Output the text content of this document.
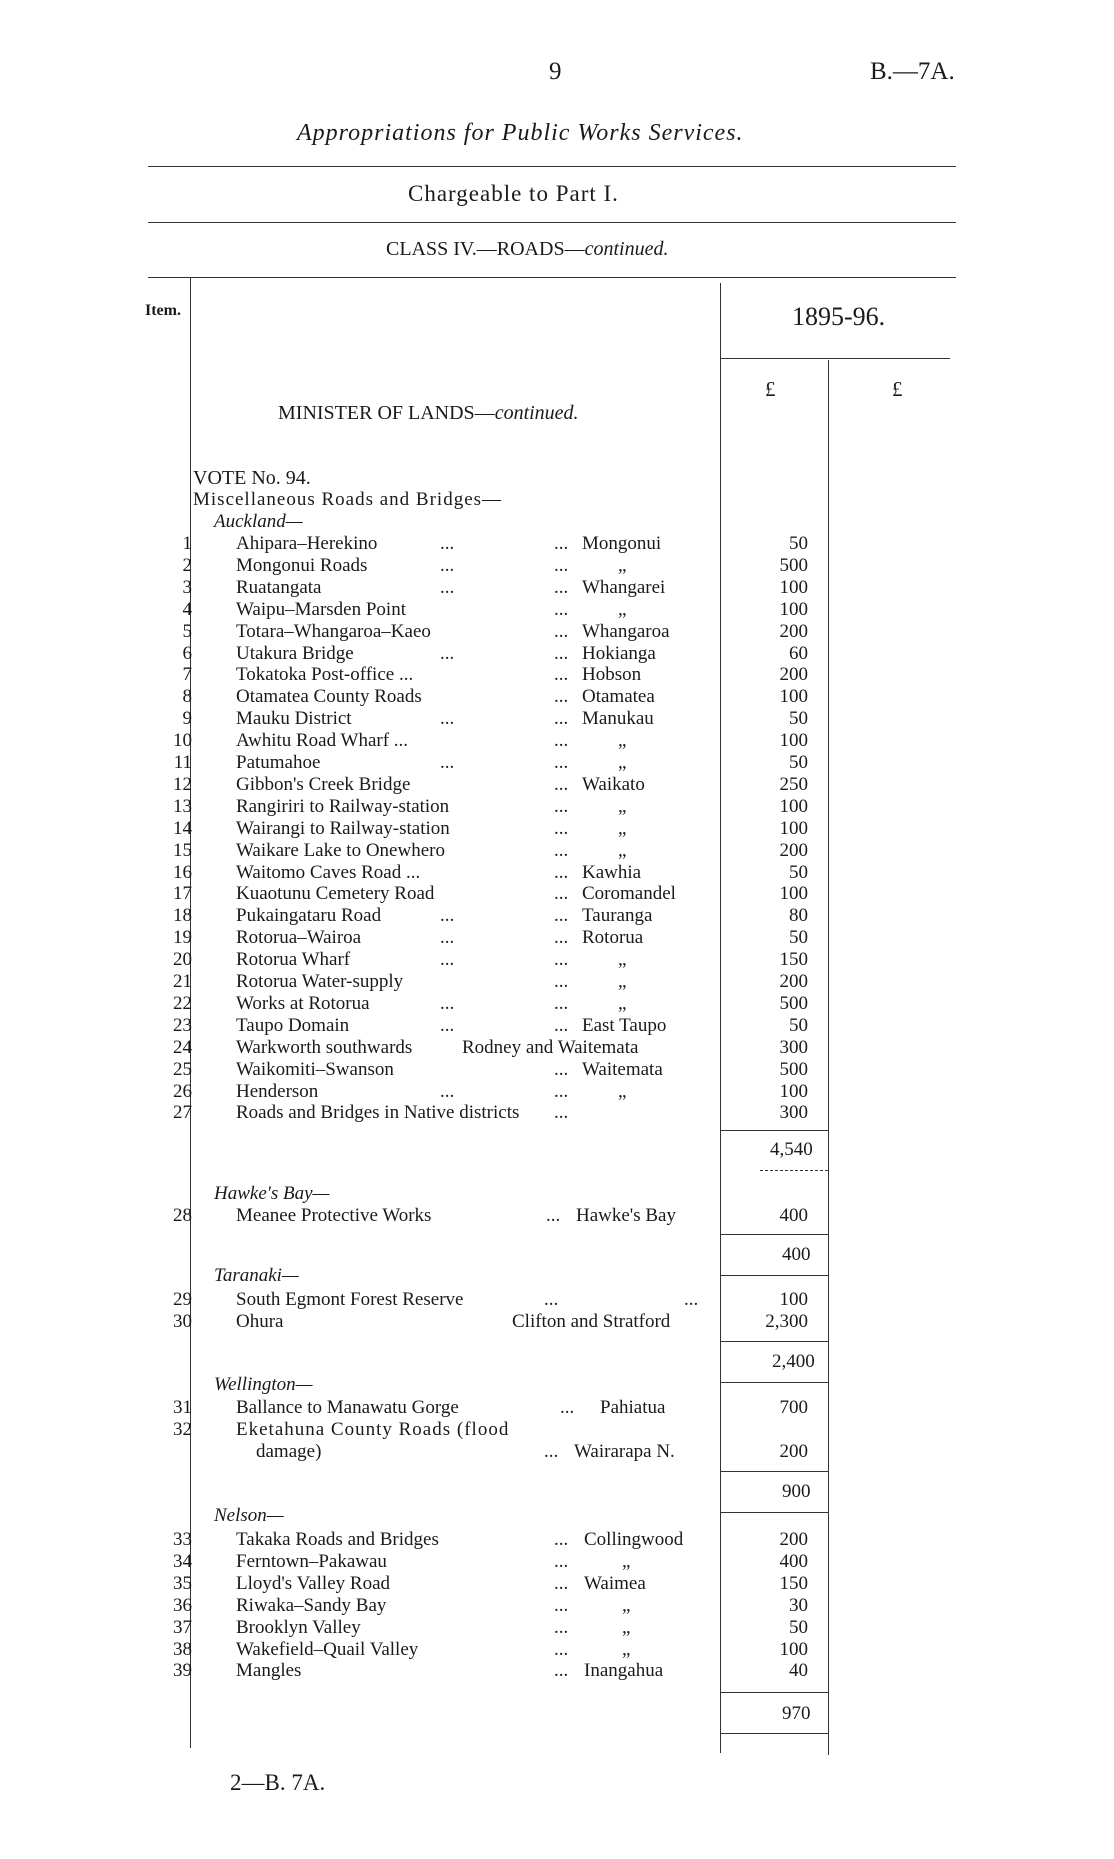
9	B.—7A.
Appropriations for Public Works Services.
Chargeable to Part I.
CLASS IV.—ROADS—continued.
Item.	1895-96.
£	£
MINISTER OF LANDS—continued.
VOTE No. 94.
Miscellaneous Roads and Bridges—
Auckland—
1 Ahipara–Herekino	...	... Mongonui	50
2 Mongonui Roads	...	...	„	500
3 Ruatangata	...	... Whangarei	100
4 Waipu–Marsden Point	...	„	100
5 Totara–Whangaroa–Kaeo	... Whangaroa	200
6 Utakura Bridge	...	... Hokianga	60
7 Tokatoka Post-office ...	... Hobson	200
8 Otamatea County Roads	... Otamatea	100
9 Mauku District	...	... Manukau	50
10 Awhitu Road Wharf ...	...	„	100
11 Patumahoe	...	...	„	50
12 Gibbon's Creek Bridge	... Waikato	250
13 Rangiriri to Railway-station	...	„	100
14 Wairangi to Railway-station	...	„	100
15 Waikare Lake to Onewhero	...	„	200
16 Waitomo Caves Road ...	... Kawhia	50
17 Kuaotunu Cemetery Road	... Coromandel	100
18 Pukaingataru Road	...	... Tauranga	80
19 Rotorua–Wairoa	...	... Rotorua	50
20 Rotorua Wharf	...	...	„	150
21 Rotorua Water-supply	...	„	200
22 Works at Rotorua	...	...	„	500
23 Taupo Domain	...	... East Taupo	50
24 Warkworth southwards	Rodney and Waitemata	300
25 Waikomiti–Swanson	... Waitemata	500
26 Henderson	...	...	„	100
27 Roads and Bridges in Native districts ...	300
4,540
Hawke's Bay—
28 Meanee Protective Works	... Hawke's Bay	400
400
Taranaki—
29 South Egmont Forest Reserve	...	...	100
30 Ohura	Clifton and Stratford	2,300
2,400
Wellington—
31 Ballance to Manawatu Gorge	... Pahiatua	700
32 Eketahuna County Roads (flood
damage)	... Wairarapa N.	200
900
Nelson—
33 Takaka Roads and Bridges	... Collingwood	200
34 Ferntown–Pakawau	...	„	400
35 Lloyd's Valley Road	... Waimea	150
36 Riwaka–Sandy Bay	...	„	30
37 Brooklyn Valley	...	„	50
38 Wakefield–Quail Valley	...	„	100
39 Mangles	... Inangahua	40
970
2—B. 7A.
